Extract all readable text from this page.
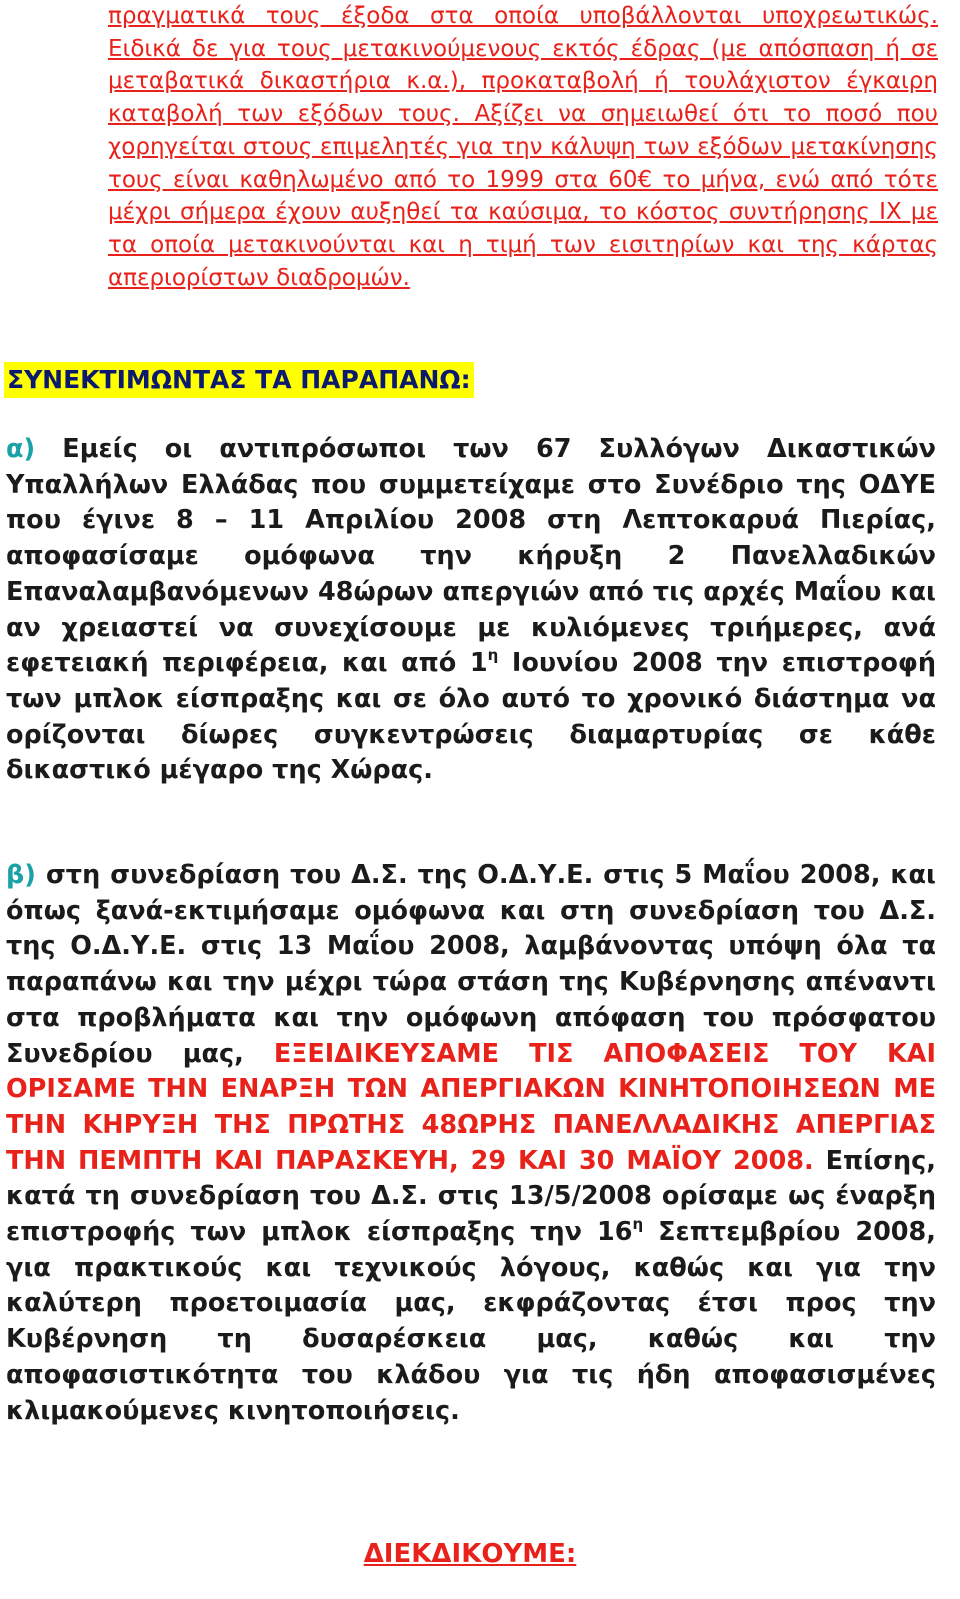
πραγματικά τους έξοδα στα οποία υποβάλλονται υποχρεωτικώς. Ειδικά δε για τους μετακινούμενους εκτός έδρας (με απόσπαση ή σε μεταβατικά δικαστήρια κ.α.), προκαταβολή ή τουλάχιστον έγκαιρη καταβολή των εξόδων τους. Αξίζει να σημειωθεί ότι το ποσό που χορηγείται στους επιμελητές για την κάλυψη των εξόδων μετακίνησης τους είναι καθηλωμένο από το 1999 στα 60€ το μήνα, ενώ από τότε μέχρι σήμερα έχουν αυξηθεί τα καύσιμα, το κόστος συντήρησης ΙΧ με τα οποία μετακινούνται και η τιμή των εισιτηρίων και της κάρτας απεριορίστων διαδρομών.

ΣΥΝΕΚΤΙΜΩΝΤΑΣ ΤΑ ΠΑΡΑΠΑΝΩ:

α) Εμείς οι αντιπρόσωποι των 67 Συλλόγων Δικαστικών Υπαλλήλων Ελλάδας που συμμετείχαμε στο Συνέδριο της ΟΔΥΕ που έγινε 8 – 11 Απριλίου 2008 στη Λεπτοκαρυά Πιερίας, αποφασίσαμε ομόφωνα την κήρυξη 2 Πανελλαδικών Επαναλαμβανόμενων 48ώρων απεργιών από τις αρχές Μαΐου και αν χρειαστεί να συνεχίσουμε με κυλιόμενες τριήμερες, ανά εφετειακή περιφέρεια, και από $1^\eta$ Ιουνίου 2008 την επιστροφή των μπλοκ είσπραξης και σε όλο αυτό το χρονικό διάστημα να ορίζονται δίωρες συγκεντρώσεις διαμαρτυρίας σε κάθε δικαστικό μέγαρο της Χώρας.

β) στη συνεδρίαση του Δ.Σ. της Ο.Δ.Υ.Ε. στις 5 Μαΐου 2008, και όπως ξανά-εκτιμήσαμε ομόφωνα και στη συνεδρίαση του Δ.Σ. της Ο.Δ.Υ.Ε. στις 13 Μαΐου 2008, λαμβάνοντας υπόψη όλα τα παραπάνω και την μέχρι τώρα στάση της Κυβέρνησης απέναντι στα προβλήματα και την ομόφωνη απόφαση του πρόσφατου Συνεδρίου μας, ΕΞΕΙΔΙΚΕΥΣΑΜΕ ΤΙΣ ΑΠΟΦΑΣΕΙΣ ΤΟΥ ΚΑΙ ΟΡΙΣΑΜΕ ΤΗΝ ΕΝΑΡΞΗ ΤΩΝ ΑΠΕΡΓΙΑΚΩΝ ΚΙΝΗΤΟΠΟΙΗΣΕΩΝ ΜΕ ΤΗΝ ΚΗΡΥΞΗ ΤΗΣ ΠΡΩΤΗΣ 48ΩΡΗΣ ΠΑΝΕΛΛΑΔΙΚΗΣ ΑΠΕΡΓΙΑΣ ΤΗΝ ΠΕΜΠΤΗ ΚΑΙ ΠΑΡΑΣΚΕΥΗ, 29 ΚΑΙ 30 ΜΑΪΟΥ 2008. Επίσης, κατά τη συνεδρίαση του Δ.Σ. στις 13/5/2008 ορίσαμε ως έναρξη επιστροφής των μπλοκ είσπραξης την $16^\eta$ Σεπτεμβρίου 2008, για πρακτικούς και τεχνικούς λόγους, καθώς και για την καλύτερη προετοιμασία μας, εκφράζοντας έτσι προς την Κυβέρνηση τη δυσαρέσκεια μας, καθώς και την αποφασιστικότητα του κλάδου για τις ήδη αποφασισμένες κλιμακούμενες κινητοποιήσεις.

ΔΙΕΚΔΙΚΟΥΜΕ:
